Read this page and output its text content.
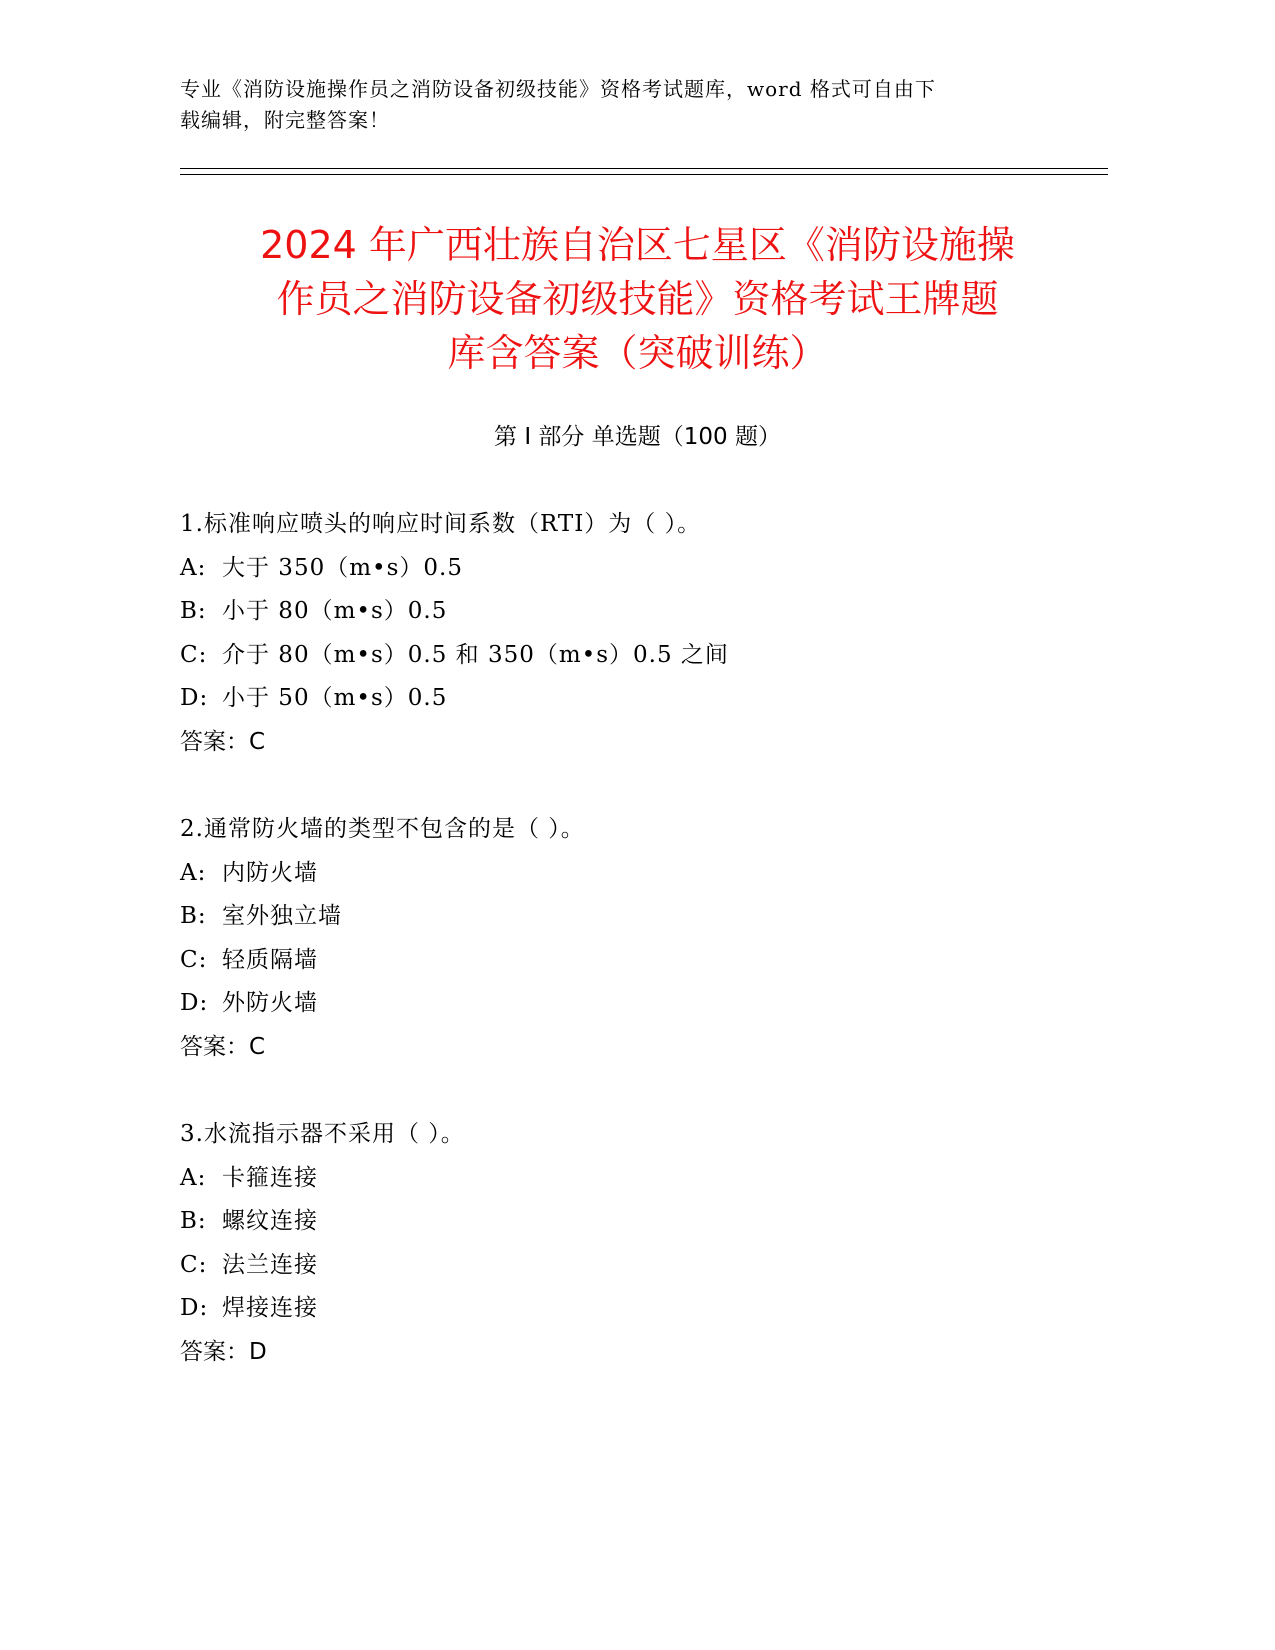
专业《消防设施操作员之消防设备初级技能》资格考试题库，word 格式可自由下
载编辑，附完整答案！
2024 年广西壮族自治区七星区《消防设施操
作员之消防设备初级技能》资格考试王牌题
库含答案（突破训练）
第 I 部分 单选题（100 题）
1.标准响应喷头的响应时间系数（RTI）为（ ）。
A: 大于 350（m•s）0.5
B: 小于 80（m•s）0.5
C: 介于 80（m•s）0.5 和 350（m•s）0.5 之间
D: 小于 50（m•s）0.5
答案：C
2.通常防火墙的类型不包含的是（ ）。
A: 内防火墙
B: 室外独立墙
C: 轻质隔墙
D: 外防火墙
答案：C
3.水流指示器不采用（ ）。
A: 卡箍连接
B: 螺纹连接
C: 法兰连接
D: 焊接连接
答案：D
